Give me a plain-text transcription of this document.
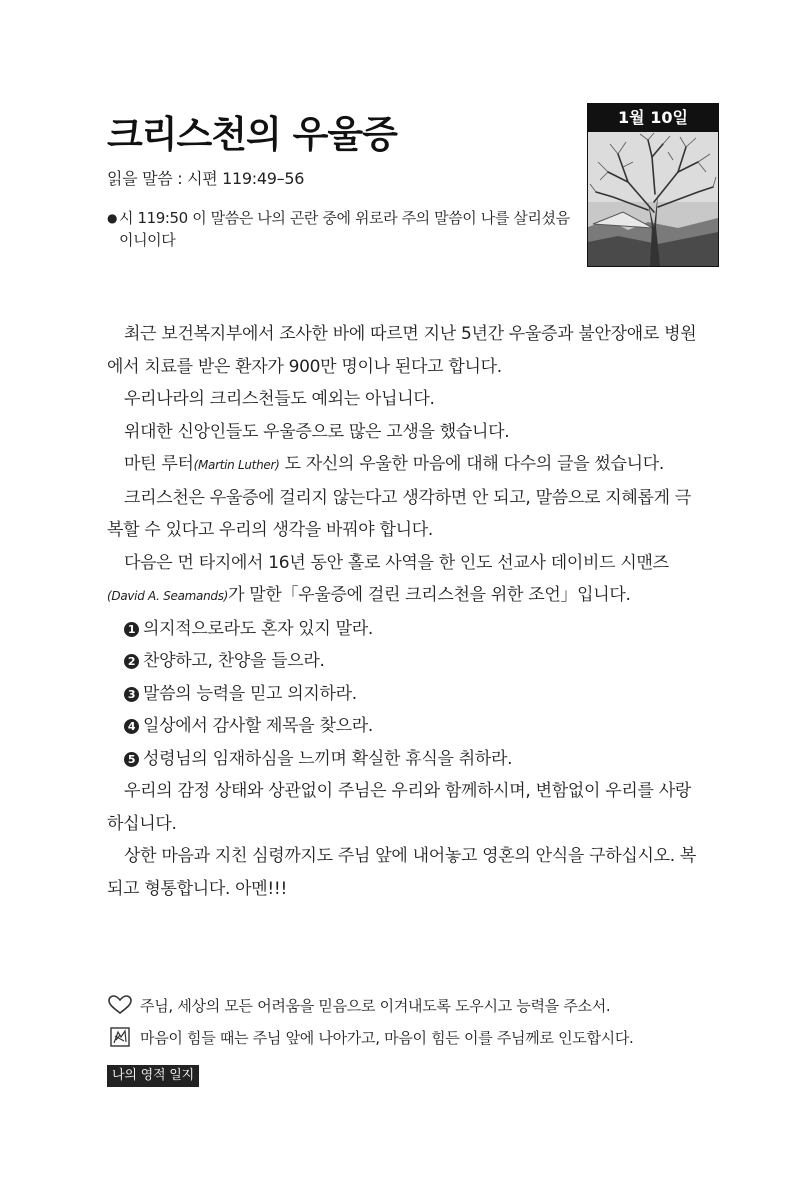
크리스천의 우울증
읽을 말씀 : 시편 119:49–56
● 시 119:50 이 말씀은 나의 곤란 중에 위로라 주의 말씀이 나를 살리셨음이니이다
1월 10일

최근 보건복지부에서 조사한 바에 따르면 지난 5년간 우울증과 불안장애로 병원에서 치료를 받은 환자가 900만 명이나 된다고 합니다.

우리나라의 크리스천들도 예외는 아닙니다.

위대한 신앙인들도 우울증으로 많은 고생을 했습니다.

마틴 루터(Martin Luther) 도 자신의 우울한 마음에 대해 다수의 글을 썼습니다.

크리스천은 우울증에 걸리지 않는다고 생각하면 안 되고, 말씀으로 지혜롭게 극복할 수 있다고 우리의 생각을 바꿔야 합니다.

다음은 먼 타지에서 16년 동안 홀로 사역을 한 인도 선교사 데이비드 시맨즈(David A. Seamands)가 말한「우울증에 걸린 크리스천을 위한 조언」입니다.

1 의지적으로라도 혼자 있지 말라.

2 찬양하고, 찬양을 들으라.

3 말씀의 능력을 믿고 의지하라.

4 일상에서 감사할 제목을 찾으라.

5 성령님의 임재하심을 느끼며 확실한 휴식을 취하라.

우리의 감정 상태와 상관없이 주님은 우리와 함께하시며, 변함없이 우리를 사랑하십니다.

상한 마음과 지친 심령까지도 주님 앞에 내어놓고 영혼의 안식을 구하십시오. 복되고 형통합니다. 아멘!!!

주님, 세상의 모든 어려움을 믿음으로 이겨내도록 도우시고 능력을 주소서.
마음이 힘들 때는 주님 앞에 나아가고, 마음이 힘든 이를 주님께로 인도합시다.
나의 영적 일지
